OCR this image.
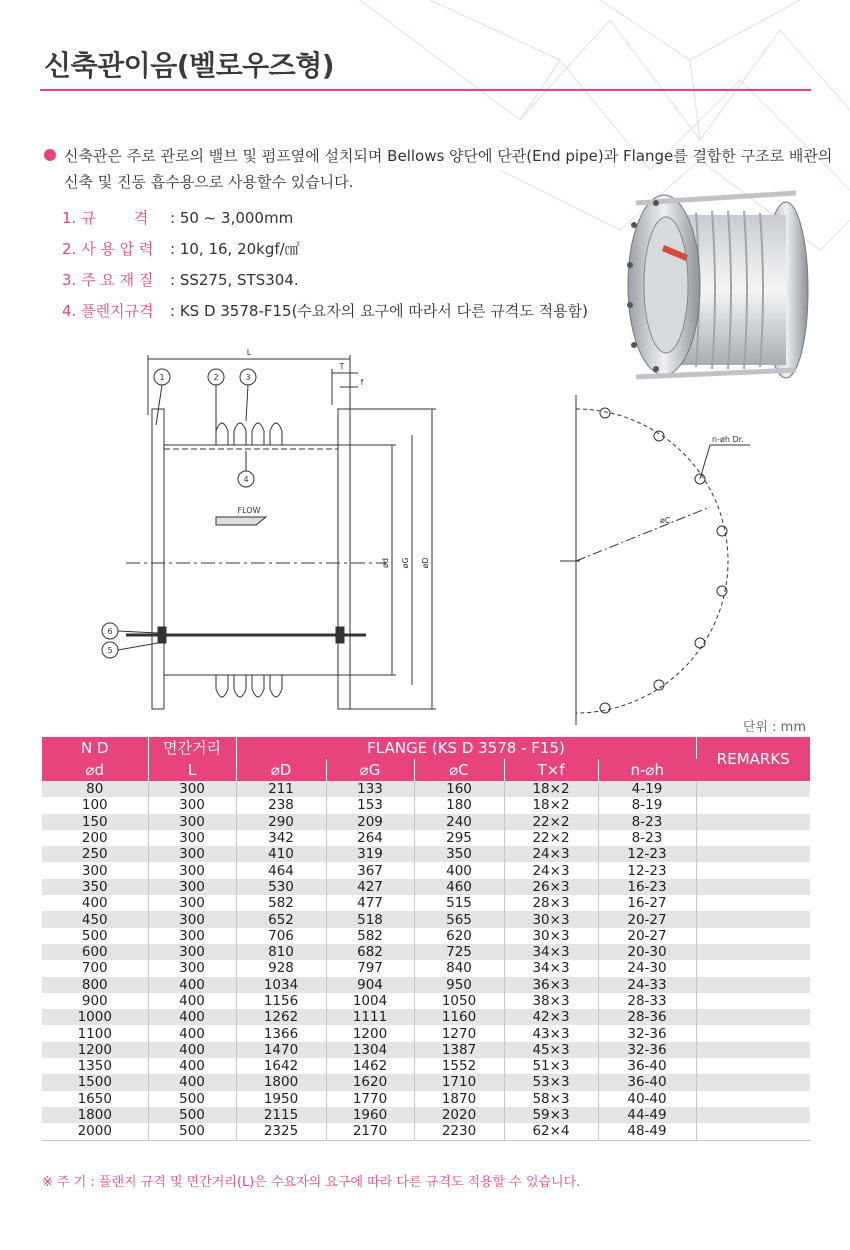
신축관이음(벨로우즈형)
신축관은 주로 관로의 밸브 및 펌프옆에 설치되며 Bellows 양단에 단관(End pipe)과 Flange를 결합한 구조로 배관의 신축 및 진동 흡수용으로 사용할수 있습니다.
1. 규        격 : 50 ~ 3,000mm
2. 사 용 압 력 : 10, 16, 20kgf/㎠
3. 주 요 재 질 : SS275, STS304.
4. 플렌지규격 : KS D 3578-F15(수요자의 요구에 따라서 다른 규격도 적용함)
L
T
f
FLOW
ød øG øD
1	2	3
4
5
6
n-øh Dr.
øC
단위 : mm
N D	면간거리	FLANGE (KS D 3578 - F15)					REMARKS
⌀d	L	⌀D	⌀G	⌀C	T×f	n-⌀h	
80	300	211	133	160	18×2	4-19	
100	300	238	153	180	18×2	8-19	
150	300	290	209	240	22×2	8-23	
200	300	342	264	295	22×2	8-23	
250	300	410	319	350	24×3	12-23	
300	300	464	367	400	24×3	12-23	
350	300	530	427	460	26×3	16-23	
400	300	582	477	515	28×3	16-27	
450	300	652	518	565	30×3	20-27	
500	300	706	582	620	30×3	20-27	
600	300	810	682	725	34×3	20-30	
700	300	928	797	840	34×3	24-30	
800	400	1034	904	950	36×3	24-33	
900	400	1156	1004	1050	38×3	28-33	
1000	400	1262	1111	1160	42×3	28-36	
1100	400	1366	1200	1270	43×3	32-36	
1200	400	1470	1304	1387	45×3	32-36	
1350	400	1642	1462	1552	51×3	36-40	
1500	400	1800	1620	1710	53×3	36-40	
1650	500	1950	1770	1870	58×3	40-40	
1800	500	2115	1960	2020	59×3	44-49	
2000	500	2325	2170	2230	62×4	48-49	
※ 주 기 : 플랜지 규격 및 면간거리(L)은 수요자의 요구에 따라 다른 규격도 적용할 수 있습니다.
